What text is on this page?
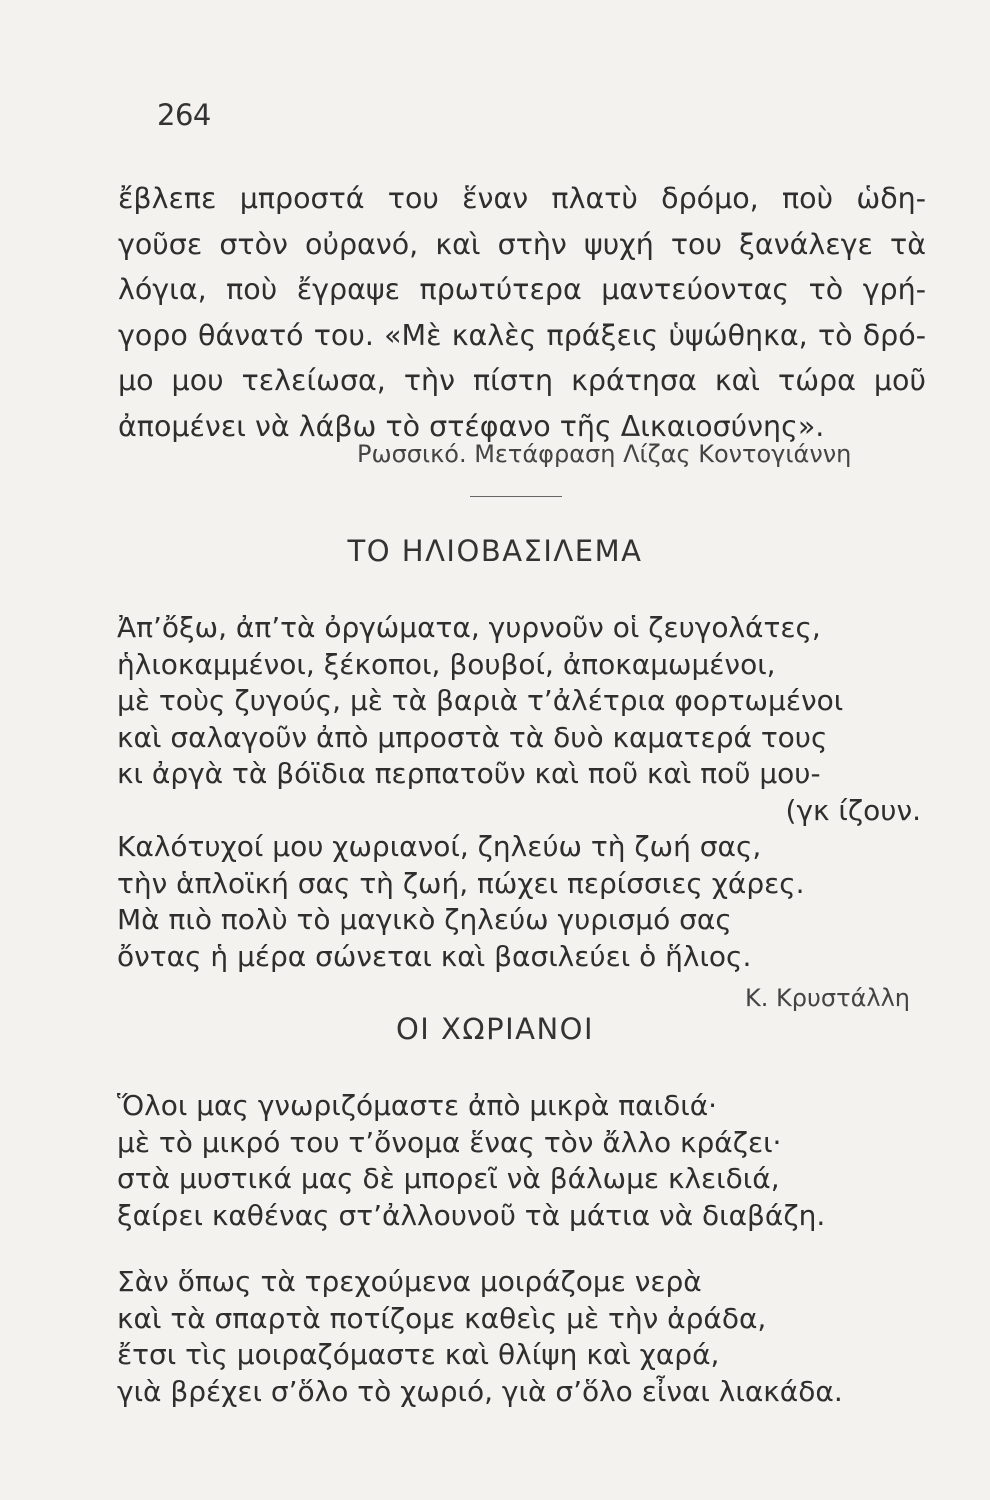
264
ἔβλεπε μπροστά του ἕναν πλατὺ δρόμο, ποὺ ὡδη-
γοῦσε στὸν οὐρανό, καὶ στὴν ψυχή του ξανάλεγε τὰ
λόγια, ποὺ ἔγραψε πρωτύτερα μαντεύοντας τὸ γρή-
γορο θάνατό του. «Μὲ καλὲς πράξεις ὑψώθηκα, τὸ δρό-
μο μου τελείωσα, τὴν πίστη κράτησα καὶ τώρα μοῦ
ἀπομένει νὰ λάβω τὸ στέφανο τῆς Δικαιοσύνης».
Ρωσσικό. Μετάφραση Λίζας Κοντογιάννη
ΤΟ ΗΛΙΟΒΑΣΙΛΕΜΑ
Ἀπ’ὄξω, ἀπ’τὰ ὀργώματα, γυρνοῦν οἱ ζευγολάτες,
ἡλιοκαμμένοι, ξέκοποι, βουβοί, ἀποκαμωμένοι,
μὲ τοὺς ζυγούς, μὲ τὰ βαριὰ τ’ἀλέτρια φορτωμένοι
καὶ σαλαγοῦν ἀπὸ μπροστὰ τὰ δυὸ καματερά τους
κι ἀργὰ τὰ βόϊδια περπατοῦν καὶ ποῦ καὶ ποῦ μου-
(γκ ίζουν.
Καλότυχοί μου χωριανοί, ζηλεύω τὴ ζωή σας,
τὴν ἁπλοϊκή σας τὴ ζωή, πώχει περίσσιες χάρες.
Μὰ πιὸ πολὺ τὸ μαγικὸ ζηλεύω γυρισμό σας
ὄντας ἡ μέρα σώνεται καὶ βασιλεύει ὁ ἥλιος.
Κ. Κρυστάλλη
ΟΙ ΧΩΡΙΑΝΟΙ
Ὅλοι μας γνωριζόμαστε ἀπὸ μικρὰ παιδιά·
μὲ τὸ μικρό του τ’ὄνομα ἕνας τὸν ἄλλο κράζει·
στὰ μυστικά μας δὲ μπορεῖ νὰ βάλωμε κλειδιά,
ξαίρει καθένας στ’ἀλλουνοῦ τὰ μάτια νὰ διαβάζη.
Σὰν ὅπως τὰ τρεχούμενα μοιράζομε νερὰ
καὶ τὰ σπαρτὰ ποτίζομε καθεὶς μὲ τὴν ἀράδα,
ἔτσι τὶς μοιραζόμαστε καὶ θλίψη καὶ χαρά,
γιὰ βρέχει σ’ὅλο τὸ χωριό, γιὰ σ’ὅλο εἶναι λιακάδα.
